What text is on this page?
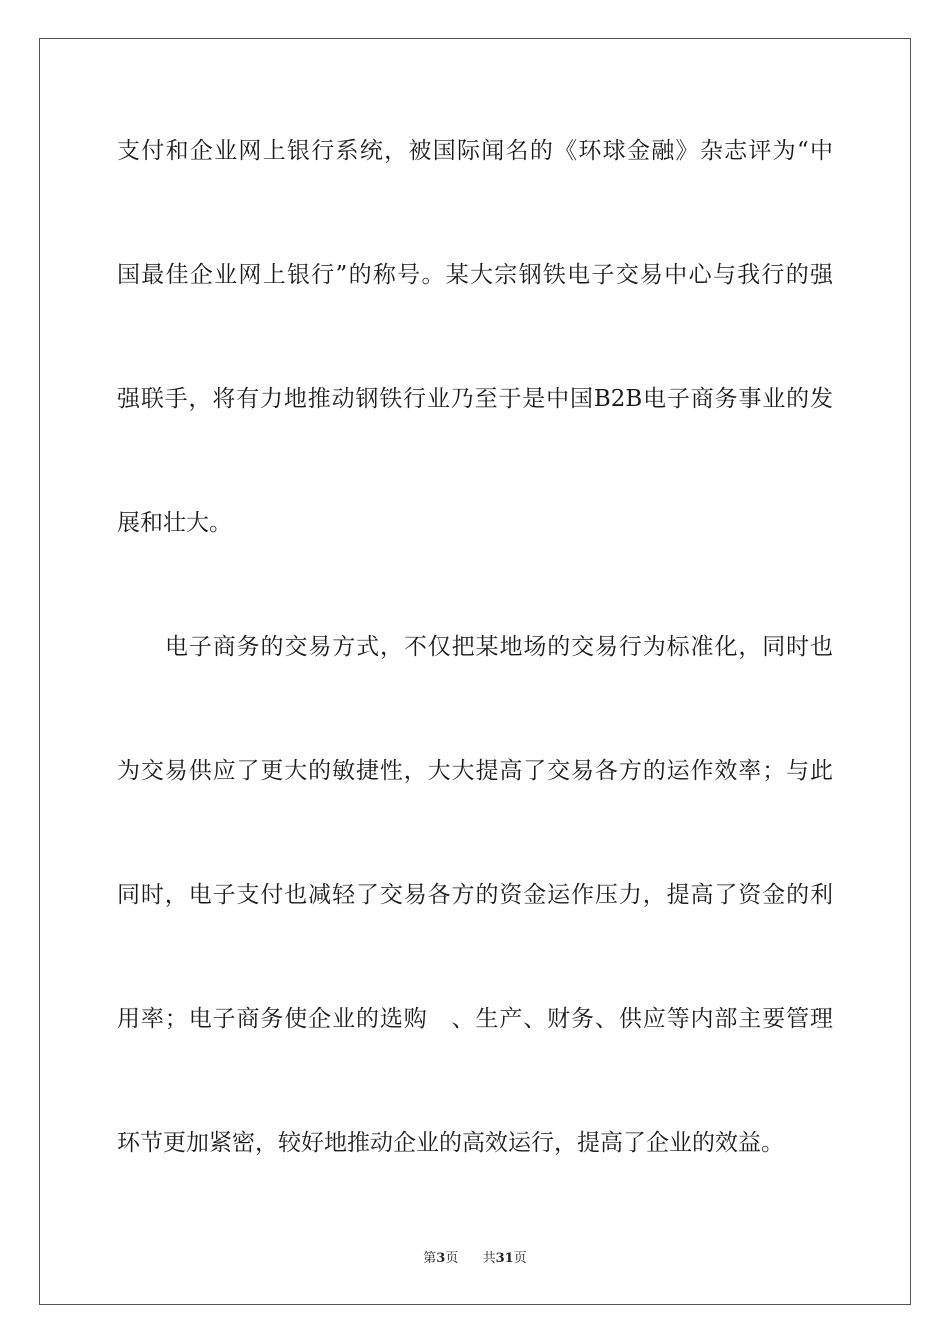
支付和企业网上银行系统，被国际闻名的《环球金融》杂志评为“中
国最佳企业网上银行”的称号。某大宗钢铁电子交易中心与我行的强
强联手，将有力地推动钢铁行业乃至于是中国B2B电子商务事业的发
展和壮大。
电子商务的交易方式，不仅把某地场的交易行为标准化，同时也
为交易供应了更大的敏捷性，大大提高了交易各方的运作效率；与此
同时，电子支付也减轻了交易各方的资金运作压力，提高了资金的利
用率；电子商务使企业的选购　、生产、财务、供应等内部主要管理
环节更加紧密，较好地推动企业的高效运行，提高了企业的效益。
第3页 共31页
